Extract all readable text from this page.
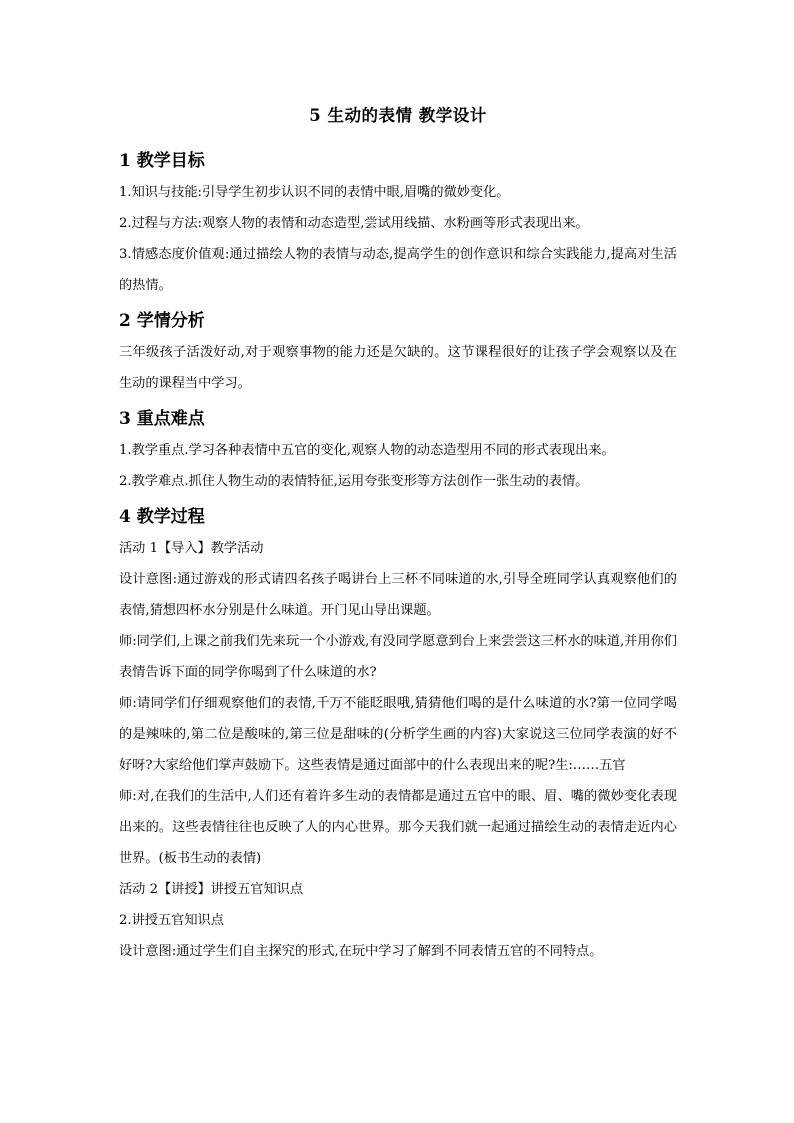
5 生动的表情 教学设计
1 教学目标

1.知识与技能:引导学生初步认识不同的表情中眼,眉嘴的微妙变化。

2.过程与方法:观察人物的表情和动态造型,尝试用线描、水粉画等形式表现出来。

3.情感态度价值观:通过描绘人物的表情与动态,提高学生的创作意识和综合实践能力,提高对生活的热情。

2 学情分析

三年级孩子活泼好动,对于观察事物的能力还是欠缺的。这节课程很好的让孩子学会观察以及在生动的课程当中学习。

3 重点难点

1.教学重点.学习各种表情中五官的变化,观察人物的动态造型用不同的形式表现出来。

2.教学难点.抓住人物生动的表情特征,运用夸张变形等方法创作一张生动的表情。

4 教学过程

活动 1【导入】教学活动

设计意图:通过游戏的形式请四名孩子喝讲台上三杯不同味道的水,引导全班同学认真观察他们的表情,猜想四杯水分别是什么味道。开门见山导出课题。

师:同学们,上课之前我们先来玩一个小游戏,有没同学愿意到台上来尝尝这三杯水的味道,并用你们表情告诉下面的同学你喝到了什么味道的水?

师:请同学们仔细观察他们的表情,千万不能眨眼哦,猜猜他们喝的是什么味道的水?第一位同学喝的是辣味的,第二位是酸味的,第三位是甜味的(分析学生画的内容)大家说这三位同学表演的好不好呀?大家给他们掌声鼓励下。这些表情是通过面部中的什么表现出来的呢?生:……五官

师:对,在我们的生活中,人们还有着许多生动的表情都是通过五官中的眼、眉、嘴的微妙变化表现出来的。这些表情往往也反映了人的内心世界。那今天我们就一起通过描绘生动的表情走近内心世界。(板书生动的表情)

活动 2【讲授】讲授五官知识点

2.讲授五官知识点

设计意图:通过学生们自主探究的形式,在玩中学习了解到不同表情五官的不同特点。
